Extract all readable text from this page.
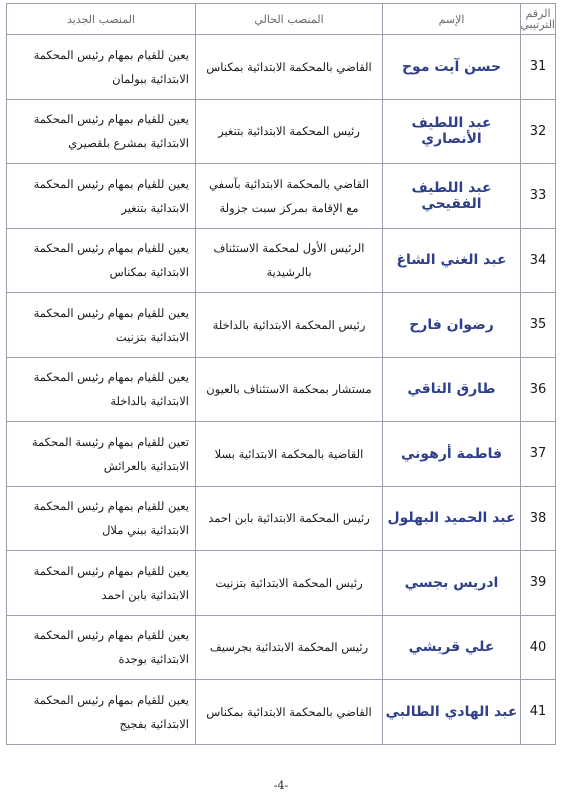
الرقم
الترتيبي	الإسم	المنصب الحالي	المنصب الجديد
31	حسن آيت موح	القاضي بالمحكمة الابتدائية بمكناس	يعين للقيام بمهام رئيس المحكمة الابتدائية ببولمان
32	عبد اللطيف الأنصاري	رئيس المحكمة الابتدائية بتنغير	يعين للقيام بمهام رئيس المحكمة الابتدائية بمشرع بلقصيري
33	عبد اللطيف الفقيحي	القاضي بالمحكمة الابتدائية بآسفي مع الإقامة بمركز سبت جزولة	يعين للقيام بمهام رئيس المحكمة الابتدائية بتنغير
34	عبد الغني الشاغ	الرئيس الأول لمحكمة الاستئناف بالرشيدية	يعين للقيام بمهام رئيس المحكمة الابتدائية بمكناس
35	رضوان فارح	رئيس المحكمة الابتدائية بالداخلة	يعين للقيام بمهام رئيس المحكمة الابتدائية بتزنيت
36	طارق التاقي	مستشار بمحكمة الاستئناف بالعيون	يعين للقيام بمهام رئيس المحكمة الابتدائية بالداخلة
37	فاطمة أرهوني	القاضية بالمحكمة الابتدائية بسلا	تعين للقيام بمهام رئيسة المحكمة الابتدائية بالعرائش
38	عبد الحميد البهلول	رئيس المحكمة الابتدائية بابن احمد	يعين للقيام بمهام رئيس المحكمة الابتدائية ببني ملال
39	ادريس بجسي	رئيس المحكمة الابتدائية بتزنيت	يعين للقيام بمهام رئيس المحكمة الابتدائية بابن احمد
40	علي قريشي	رئيس المحكمة الابتدائية بجرسيف	يعين للقيام بمهام رئيس المحكمة الابتدائية بوجدة
41	عبد الهادي الطالبي	القاضي بالمحكمة الابتدائية بمكناس	يعين للقيام بمهام رئيس المحكمة الابتدائية بفجيج
-4-
